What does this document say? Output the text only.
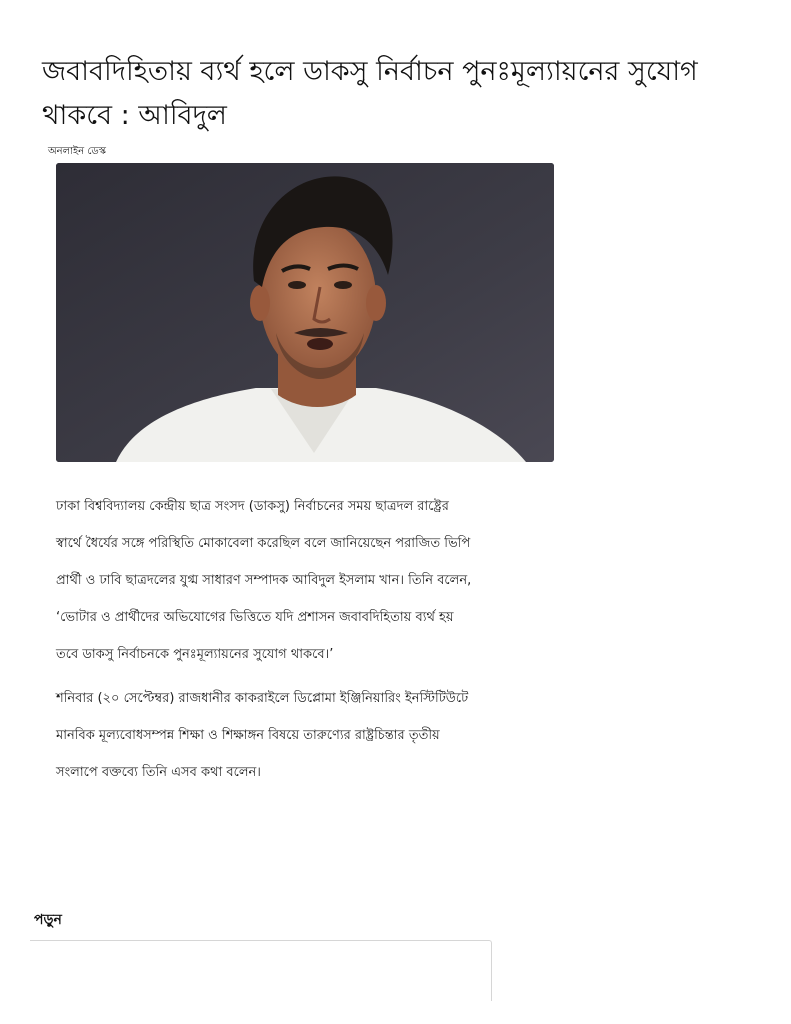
জবাবদিহিতায় ব্যর্থ হলে ডাকসু নির্বাচন পুনঃমূল্যায়নের সুযোগ থাকবে : আবিদুল
অনলাইন ডেস্ক

ঢাকা বিশ্ববিদ্যালয় কেন্দ্রীয় ছাত্র সংসদ (ডাকসু) নির্বাচনের সময় ছাত্রদল রাষ্ট্রের স্বার্থে ধৈর্যের সঙ্গে পরিস্থিতি মোকাবেলা করেছিল বলে জানিয়েছেন পরাজিত ভিপি প্রার্থী ও ঢাবি ছাত্রদলের যুগ্ম সাধারণ সম্পাদক আবিদুল ইসলাম খান। তিনি বলেন, ‘ভোটার ও প্রার্থীদের অভিযোগের ভিত্তিতে যদি প্রশাসন জবাবদিহিতায় ব্যর্থ হয় তবে ডাকসু নির্বাচনকে পুনঃমূল্যায়নের সুযোগ থাকবে।’

শনিবার (২০ সেপ্টেম্বর) রাজধানীর কাকরাইলে ডিপ্লোমা ইঞ্জিনিয়ারিং ইনস্টিটিউটে মানবিক মূল্যবোধসম্পন্ন শিক্ষা ও শিক্ষাঙ্গন বিষয়ে তারুণ্যের রাষ্ট্রচিন্তার তৃতীয় সংলাপে বক্তব্যে তিনি এসব কথা বলেন।

পড়ুন
